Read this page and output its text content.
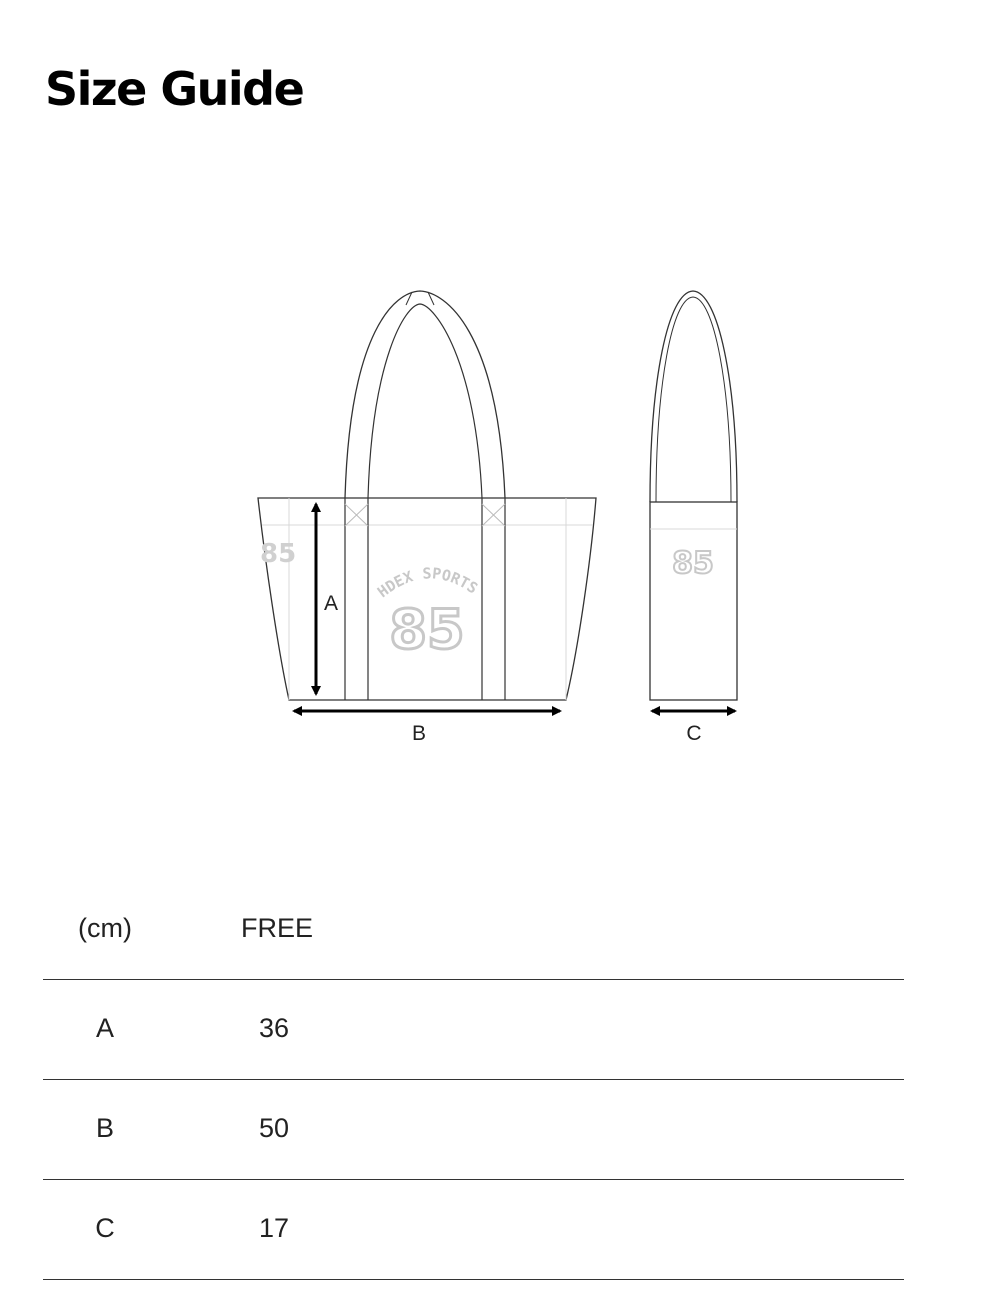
Size Guide
HDEX SPORTS
85
85	85
A
B	C
(cm)	FREE
A	36
B	50
C	17
